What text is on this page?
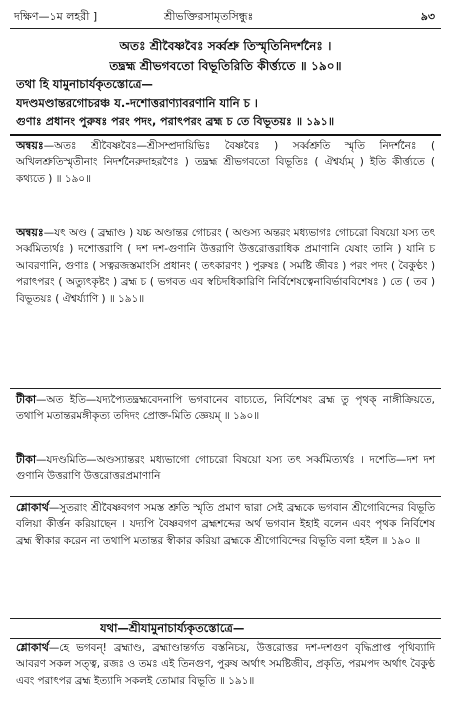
দক্ষিণ—১ম লহরী ]	শ্রীভক্তিরসামৃতসিন্ধুঃ	৯৩
অতঃ শ্রীবৈষ্ণবৈঃ সর্ব্বশ্রু তিস্মৃতিনিদর্শনৈঃ ।
তদ্ব্রহ্ম শ্রীভগবতো বিভূতিরিতি কীর্ত্ত্যতে ॥ ১৯০॥
তথা হি যামুনাচার্যকৃতস্তোত্রে—
যদণ্ডমণ্ডান্তরগোচরঞ্চ য.-দশোত্তরাণ্যাবরণানি যানি চ ।
গুণাঃ প্রধানং পুরুষঃ পরং পদং, পরাৎপরং ব্রহ্ম চ তে বিভূতয়ঃ ॥ ১৯১॥
অন্বয়ঃ—অতঃ শ্রীবৈষ্ণবৈঃ—শ্রীসম্প্রদায়িভিঃ বৈষ্ণবৈঃ ) সর্ব্বশ্রুতি স্মৃতি নিদর্শনৈঃ ( অখিলশ্রুতিস্মৃতীনাং নিদর্শনৈরুদাহরণৈঃ ) তদ্ব্রহ্ম শ্রীভগবতো বিভূতিঃ ( ঐশ্বর্য্যম্ ) ইতি কীর্ত্ত্যতে ( কথ্যতে ) ॥ ১৯০॥
অন্বয়ঃ—যৎ অণ্ড ( ব্রহ্মাণ্ড ) যচ্চ অণ্ডান্তর গোচরং ( অণ্ডস্য অন্তরং মধ্যভাগঃ গোচরো বিষয়ো যস্য তৎ সর্ব্বমিত্যর্থঃ ) দশোত্তরাণি ( দশ দশ-গুণানি উত্তরাণি উত্তরোত্তরাধিক প্রমাণানি যেষাং তানি ) যানি চ আবরণানি, গুণাঃ ( সত্বরজস্তমাংসি প্রধানং ( তৎকারণং ) পুরুষঃ ( সমষ্টি জীবঃ ) পরং পদং ( বৈকুণ্ঠং ) পরাৎপরং ( অত্যুৎকৃষ্টং ) ব্রহ্ম চ ( ভগবত এব স্বচিদধিকারিণি নির্বিশেষত্বেনাবির্ভাববিশেষঃ ) তে ( তব ) বিভূতয়ঃ ( ঐশ্বর্য্যাণি ) ॥ ১৯১॥
টীকা—অত ইতি—যদ্যপ্যৈতদ্ব্রহ্মবেদনাপি ভগবানেব বাচ্যতে, নির্বিশেষং ব্রহ্ম তু পৃথক্ নাঙ্গীক্রিয়তে, তথাপি মতান্তরমঙ্গীকৃত্য তদিদং প্রোক্ত-মিতি জ্ঞেয়ম্ ॥ ১৯০॥
টীকা—যদণ্ডমিতি—অণ্ডস্যান্তরং মধ্যভাগো গোচরো বিষয়ো যস্য তৎ সর্ব্বমিত্যর্থঃ । দশেতি—দশ দশ গুণানি উত্তরাণি উত্তরোত্তরপ্রমাণানি
শ্লোকার্থ—সুতরাং শ্রীবৈষ্ণবগণ সমস্ত শ্রুতি স্মৃতি প্রমাণ দ্বারা সেই ব্রহ্মকে ভগবান শ্রীগোবিন্দের বিভূতি বলিয়া কীর্ত্তন করিয়াছেন । যদ্যপি বৈষ্ণবগণ ব্রহ্মশব্দের অর্থ ভগবান ইহাই বলেন এবং পৃথক নির্বিশেষ ব্রহ্ম স্বীকার করেন না তথাপি মতান্তর স্বীকার করিয়া ব্রহ্মকে শ্রীগোবিন্দের বিভূতি বলা হইল ॥ ১৯০ ॥
যথা—শ্রীযামুনাচার্য্যকৃতস্তোত্রে—
শ্লোকার্থ—হে ভগবন্! ব্রহ্মাণ্ড, ব্রহ্মাণ্ডান্তর্গত বস্তনিচয়, উত্তরোত্তর দশ-দশগুণ বৃদ্ধিপ্রাপ্ত পৃথিব্যাদি আবরণ সকল সত্ত্ব, রজঃ ও তমঃ এই তিনগুণ, পুরুষ অর্থাৎ সমষ্টিজীব, প্রকৃতি, পরমপদ অর্থাৎ বৈকুণ্ঠ এবং পরাৎপর ব্রহ্ম ইত্যাদি সকলই তোমার বিভূতি ॥ ১৯১॥
